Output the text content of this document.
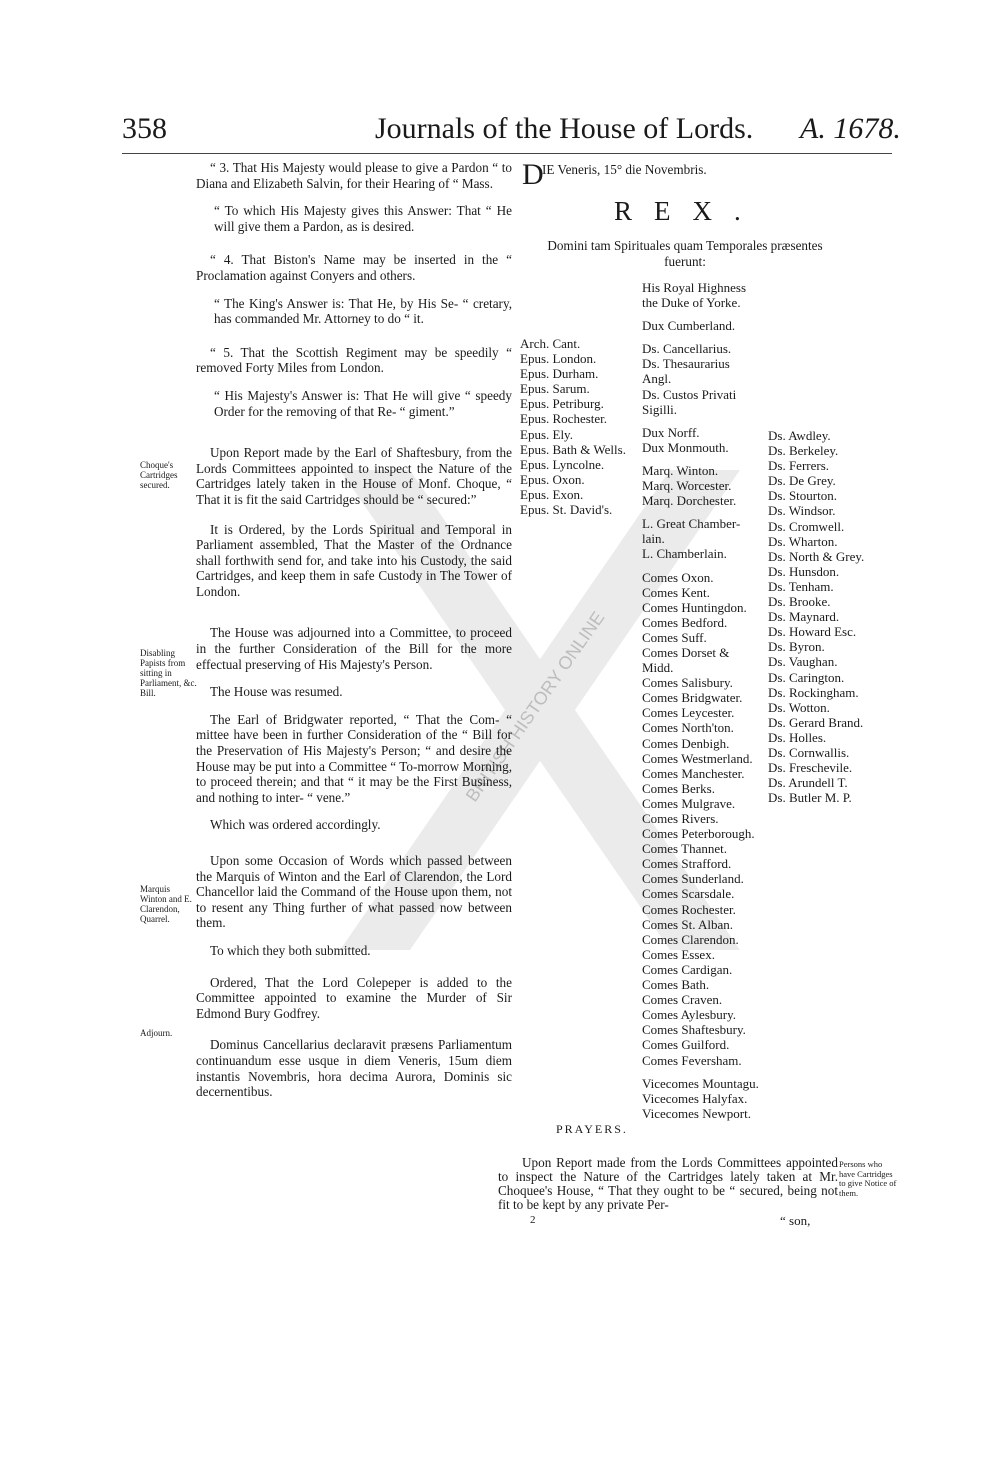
BRITISH HISTORY ONLINE
358	Journals of the House of Lords. A. 1678.

“ 3. That His Majesty would please to give a Pardon “ to Diana and Elizabeth Salvin, for their Hearing of “ Mass.

“ To which His Majesty gives this Answer: That “ He will give them a Pardon, as is desired.

“ 4. That Biston's Name may be inserted in the “ Proclamation against Conyers and others.

“ The King's Answer is: That He, by His Se- “ cretary, has commanded Mr. Attorney to do “ it.

“ 5. That the Scottish Regiment may be speedily “ removed Forty Miles from London.

“ His Majesty's Answer is: That He will give “ speedy Order for the removing of that Re- “ giment.”

Upon Report made by the Earl of Shaftesbury, from the Lords Committees appointed to inspect the Nature of the Cartridges lately taken in the House of Monf. Choque, “ That it is fit the said Cartridges should be “ secured:”

It is Ordered, by the Lords Spiritual and Temporal in Parliament assembled, That the Master of the Ordnance shall forthwith send for, and take into his Custody, the said Cartridges, and keep them in safe Custody in The Tower of London.

The House was adjourned into a Committee, to proceed in the further Consideration of the Bill for the more effectual preserving of His Majesty's Person.

The House was resumed.

The Earl of Bridgwater reported, “ That the Com- “ mittee have been in further Consideration of the “ Bill for the Preservation of His Majesty's Person; “ and desire the House may be put into a Committee “ To-morrow Morning, to proceed therein; and that “ it may be the First Business, and nothing to inter- “ vene.”

Which was ordered accordingly.

Upon some Occasion of Words which passed between the Marquis of Winton and the Earl of Clarendon, the Lord Chancellor laid the Command of the House upon them, not to resent any Thing further of what passed now between them.

To which they both submitted.

Ordered, That the Lord Colepeper is added to the Committee appointed to examine the Murder of Sir Edmond Bury Godfrey.

Dominus Cancellarius declaravit præsens Parliamentum continuandum esse usque in diem Veneris, 15um diem instantis Novembris, hora decima Aurora, Dominis sic decernentibus.

Choque's Cartridges secured.
Disabling Papists from sitting in Parliament, &c. Bill.
Marquis Winton and E. Clarendon, Quarrel.
Adjourn.
D
IE Veneris, 15° die Novembris.
REX.
Domini tam Spirituales quam Temporales præsentes fuerunt:
Arch. Cant.
Epus. London.
Epus. Durham.
Epus. Sarum.
Epus. Petriburg.
Epus. Rochester.
Epus. Ely.
Epus. Bath & Wells.
Epus. Lyncolne.
Epus. Oxon.
Epus. Exon.
Epus. St. David's.
His Royal Highness
the Duke of Yorke.
Dux Cumberland.
Ds. Cancellarius.
Ds. Thesaurarius
Angl.
Ds. Custos Privati
Sigilli.
Dux Norff.
Dux Monmouth.
Marq. Winton.
Marq. Worcester.
Marq. Dorchester.
L. Great Chamber-
lain.
L. Chamberlain.
Comes Oxon.
Comes Kent.
Comes Huntingdon.
Comes Bedford.
Comes Suff.
Comes Dorset &
Midd.
Comes Salisbury.
Comes Bridgwater.
Comes Leycester.
Comes North'ton.
Comes Denbigh.
Comes Westmerland.
Comes Manchester.
Comes Berks.
Comes Mulgrave.
Comes Rivers.
Comes Peterborough.
Comes Thannet.
Comes Strafford.
Comes Sunderland.
Comes Scarsdale.
Comes Rochester.
Comes St. Alban.
Comes Clarendon.
Comes Essex.
Comes Cardigan.
Comes Bath.
Comes Craven.
Comes Aylesbury.
Comes Shaftesbury.
Comes Guilford.
Comes Feversham.
Vicecomes Mountagu.
Vicecomes Halyfax.
Vicecomes Newport.
Ds. Awdley.
Ds. Berkeley.
Ds. Ferrers.
Ds. De Grey.
Ds. Stourton.
Ds. Windsor.
Ds. Cromwell.
Ds. Wharton.
Ds. North & Grey.
Ds. Hunsdon.
Ds. Tenham.
Ds. Brooke.
Ds. Maynard.
Ds. Howard Esc.
Ds. Byron.
Ds. Vaughan.
Ds. Carington.
Ds. Rockingham.
Ds. Wotton.
Ds. Gerard Brand.
Ds. Holles.
Ds. Cornwallis.
Ds. Freschevile.
Ds. Arundell T.
Ds. Butler M. P.
PRAYERS.
Upon Report made from the Lords Committees appointed to inspect the Nature of the Cartridges lately taken at Mr. Choquee's House, “ That they ought to be “ secured, being not fit to be kept by any private Per-
Persons who have Cartridges to give Notice of them.
2	“ son,
